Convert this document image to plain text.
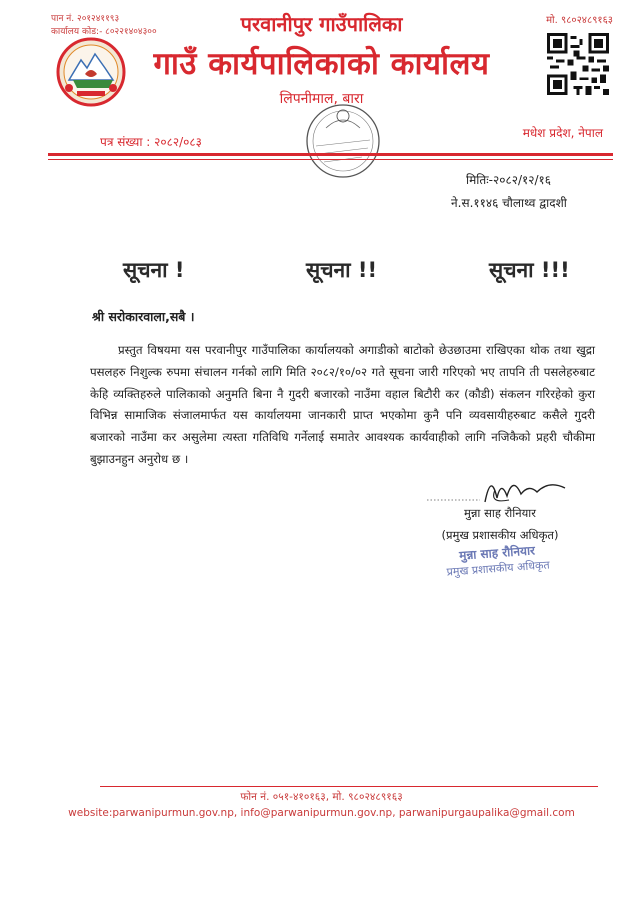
पान नं. २०१२४११९३
कार्यालय कोड:- ८०२२१४०४३००
मो. ९८०२४८९१६३
परवानीपुर गाउँपालिका
गाउँ कार्यपालिकाको कार्यालय
लिपनीमाल, बारा
पत्र संख्या : २०८२/०८३
मधेश प्रदेश, नेपाल
मितिः-२०८२/१२/१६
ने.स.११४६ चौलाथ्व द्वादशी
सूचना !	सूचना !!	सूचना !!!
श्री सरोकारवाला,सबै ।
प्रस्तुत विषयमा यस परवानीपुर गाउँपालिका कार्यालयको अगाडीको बाटोको छेउछाउमा राखिएका थोक तथा खुद्रा पसलहरु निशुल्क रुपमा संचालन गर्नको लागि मिति २०८२/१०/०२ गते सूचना जारी गरिएको भए तापनि ती पसलेहरुबाट केहि व्यक्तिहरुले पालिकाको अनुमति बिना नै गुदरी बजारको नाउँमा वहाल बिटौरी कर (कौडी) संकलन गरिरहेको कुरा विभिन्न सामाजिक संजालमार्फत यस कार्यालयमा जानकारी प्राप्त भएकोमा कुनै पनि व्यवसायीहरुबाट कसैले गुदरी बजारको नाउँमा कर असुलेमा त्यस्ता गतिविधि गर्नेलाई समातेर आवश्यक कार्यवाहीको लागि नजिकैको प्रहरी चौकीमा बुझाउनहुन अनुरोध छ ।
मुन्ना साह रौनियार
(प्रमुख प्रशासकीय अधिकृत)
मुन्ना साह रौनियार
प्रमुख प्रशासकीय अधिकृत
फोन नं. ०५१-४१०१६३, मो. ९८०२४८९१६३
website:parwanipurmun.gov.np, info@parwanipurmun.gov.np, parwanipurgaupalika@gmail.com
